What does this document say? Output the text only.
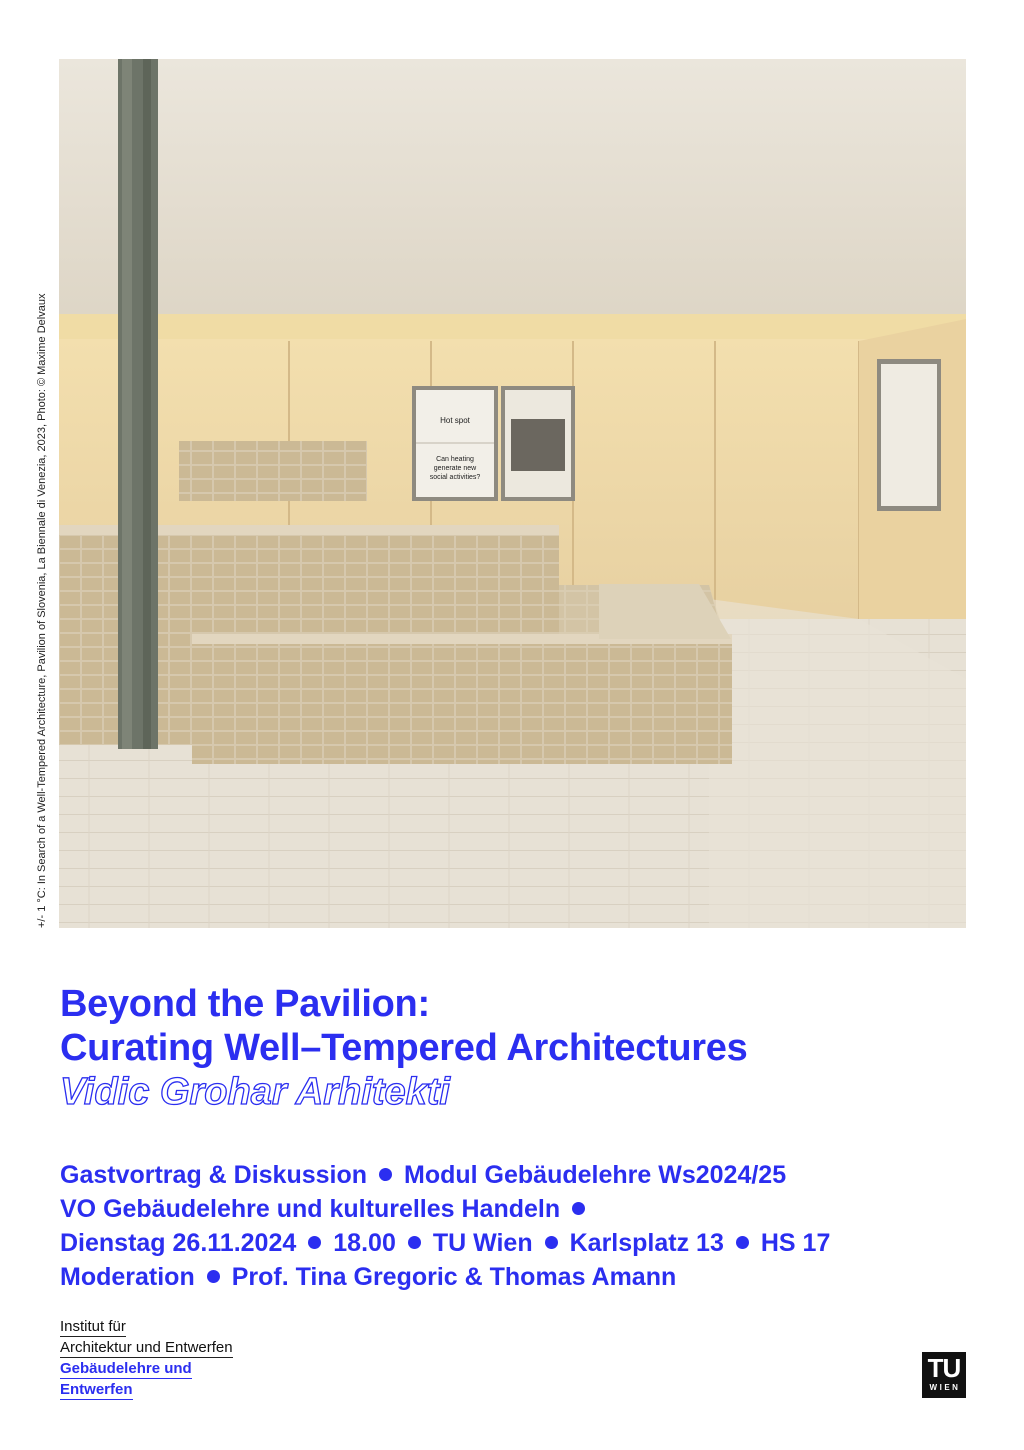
+/- 1 °C: In Search of a Well-Tempered Architecture, Pavilion of Slovenia, La Biennale di Venezia, 2023, Photo: © Maxime Delvaux	Hot spot
Can heating generate new social activities?
Beyond the Pavilion:
Curating Well–Tempered Architectures
Vidic Grohar Arhitekti
Gastvortrag & Diskussion Modul Gebäudelehre Ws2024/25
VO Gebäudelehre und kulturelles Handeln
Dienstag 26.11.2024 18.00 TU Wien Karlsplatz 13 HS 17
Moderation Prof. Tina Gregoric & Thomas Amann
Institut für
Architektur und Entwerfen
Gebäudelehre und
Entwerfen
TU
WIEN
